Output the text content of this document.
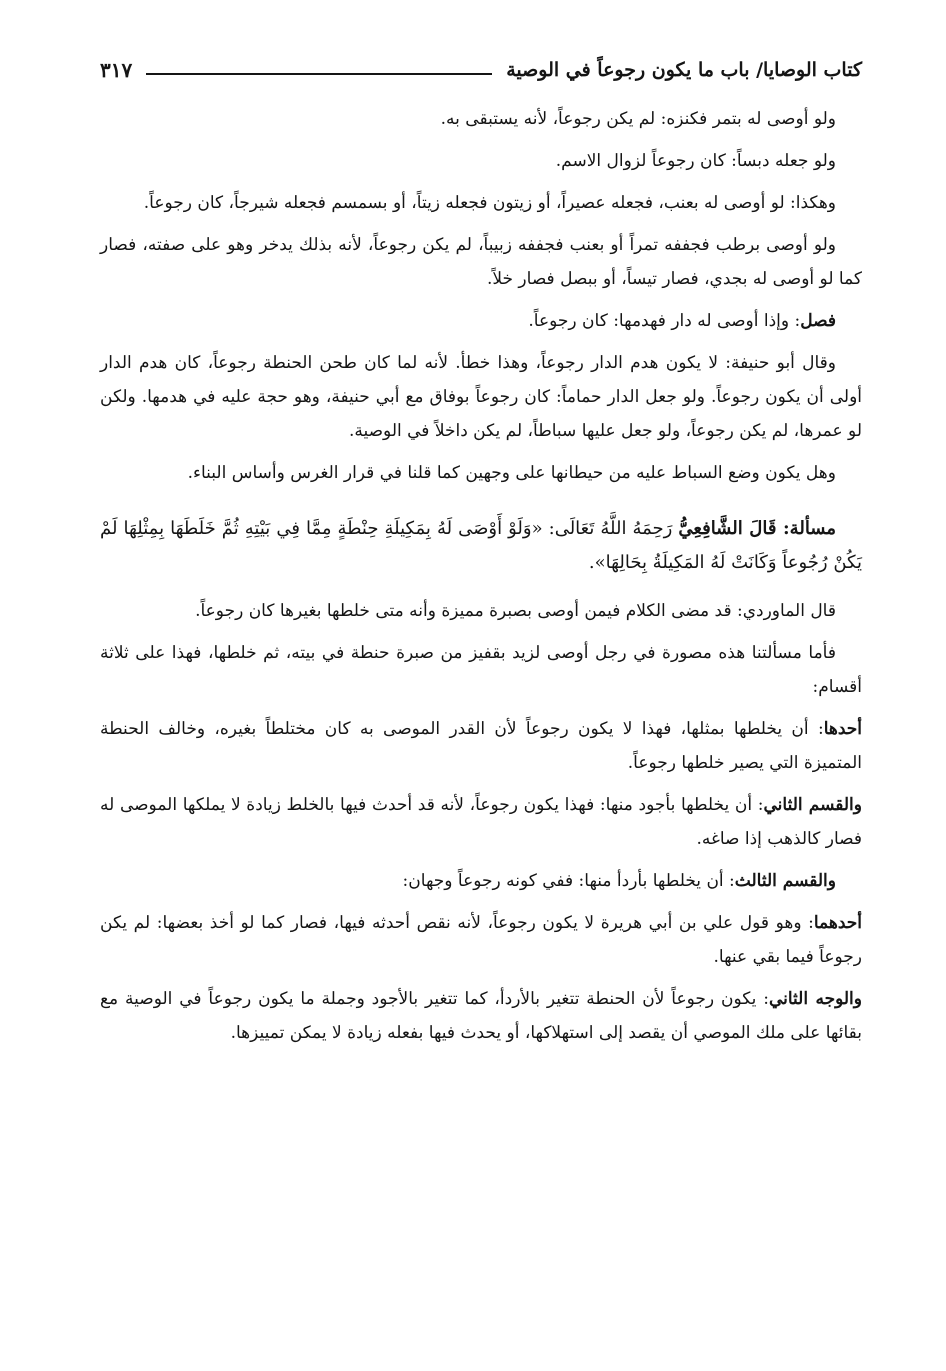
كتاب الوصايا/ باب ما يكون رجوعاً في الوصية
٣١٧

ولو أوصى له بتمر فكنزه: لم يكن رجوعاً، لأنه يستبقى به.

ولو جعله دبساً: كان رجوعاً لزوال الاسم.

وهكذا: لو أوصى له بعنب، فجعله عصيراً، أو زيتون فجعله زيتاً، أو بسمسم فجعله شيرجاً، كان رجوعاً.

ولو أوصى برطب فجففه تمراً أو بعنب فجففه زبيباً، لم يكن رجوعاً، لأنه بذلك يدخر وهو على صفته، فصار كما لو أوصى له بجدي، فصار تيساً، أو ببصل فصار خلاً.

فصل: وإذا أوصى له دار فهدمها: كان رجوعاً.

وقال أبو حنيفة: لا يكون هدم الدار رجوعاً، وهذا خطأ. لأنه لما كان طحن الحنطة رجوعاً، كان هدم الدار أولى أن يكون رجوعاً. ولو جعل الدار حماماً: كان رجوعاً بوفاق مع أبي حنيفة، وهو حجة عليه في هدمها. ولكن لو عمرها، لم يكن رجوعاً، ولو جعل عليها سباطاً، لم يكن داخلاً في الوصية.

وهل يكون وضع السباط عليه من حيطانها على وجهين كما قلنا في قرار الغرس وأساس البناء.

مسألة: قَالَ الشَّافِعِيُّ رَحِمَهُ اللَّهُ تَعَالَى: «وَلَوْ أَوْصَى لَهُ بِمَكِيلَةِ حِنْطَةٍ مِمَّا فِي بَيْتِهِ ثُمَّ خَلَطَهَا بِمِثْلِهَا لَمْ يَكُنْ رُجُوعاً وَكَانَتْ لَهُ المَكِيلَةُ بِحَالِهَا».

قال الماوردي: قد مضى الكلام فيمن أوصى بصبرة مميزة وأنه متى خلطها بغيرها كان رجوعاً.

فأما مسألتنا هذه مصورة في رجل أوصى لزيد بقفيز من صبرة حنطة في بيته، ثم خلطها، فهذا على ثلاثة أقسام:

أحدها: أن يخلطها بمثلها، فهذا لا يكون رجوعاً لأن القدر الموصى به كان مختلطاً بغيره، وخالف الحنطة المتميزة التي يصير خلطها رجوعاً.

والقسم الثاني: أن يخلطها بأجود منها: فهذا يكون رجوعاً، لأنه قد أحدث فيها بالخلط زيادة لا يملكها الموصى له فصار كالذهب إذا صاغه.

والقسم الثالث: أن يخلطها بأردأ منها: ففي كونه رجوعاً وجهان:

أحدهما: وهو قول علي بن أبي هريرة لا يكون رجوعاً، لأنه نقص أحدثه فيها، فصار كما لو أخذ بعضها: لم يكن رجوعاً فيما بقي عنها.

والوجه الثاني: يكون رجوعاً لأن الحنطة تتغير بالأردأ، كما تتغير بالأجود وجملة ما يكون رجوعاً في الوصية مع بقائها على ملك الموصي أن يقصد إلى استهلاكها، أو يحدث فيها بفعله زيادة لا يمكن تمييزها.
